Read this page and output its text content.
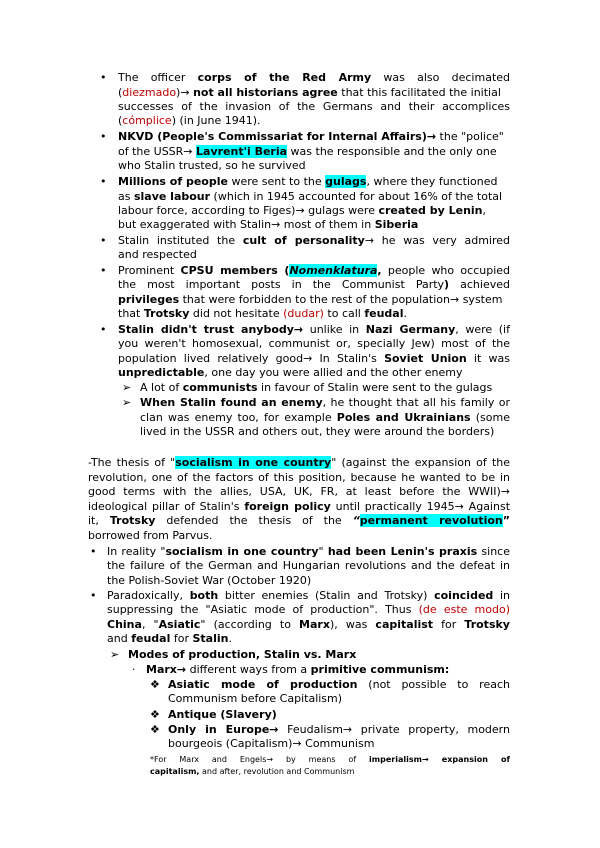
• The officer corps of the Red Army was also decimated
(diezmado)→ not all historians agree that this facilitated the initial
successes of the invasion of the Germans and their accomplices
(cómplice) (in June 1941).
• NKVD (People's Commissariat for Internal Affairs)→ the "police"
of the USSR→ Lavrent'i Beria was the responsible and the only one
who Stalin trusted, so he survived
• Millions of people were sent to the gulags, where they functioned
as slave labour (which in 1945 accounted for about 16% of the total
labour force, according to Figes)→ gulags were created by Lenin,
but exaggerated with Stalin→ most of them in Siberia
• Stalin instituted the cult of personality→ he was very admired
and respected
• Prominent CPSU members (Nomenklatura, people who occupied
the most important posts in the Communist Party) achieved
privileges that were forbidden to the rest of the population→ system
that Trotsky did not hesitate (dudar) to call feudal.
• Stalin didn't trust anybody→ unlike in Nazi Germany, were (if
you weren't homosexual, communist or, specially Jew) most of the
population lived relatively good→ In Stalin's Soviet Union it was
unpredictable, one day you were allied and the other enemy
➢ A lot of communists in favour of Stalin were sent to the gulags
➢ When Stalin found an enemy, he thought that all his family or
clan was enemy too, for example Poles and Ukrainians (some
lived in the USSR and others out, they were around the borders)
-The thesis of "socialism in one country" (against the expansion of the
revolution, one of the factors of this position, because he wanted to be in
good terms with the allies, USA, UK, FR, at least before the WWII)→
ideological pillar of Stalin's foreign policy until practically 1945→ Against
it, Trotsky defended the thesis of the “permanent revolution”
borrowed from Parvus.
• In reality "socialism in one country" had been Lenin's praxis since
the failure of the German and Hungarian revolutions and the defeat in
the Polish-Soviet War (October 1920)
• Paradoxically, both bitter enemies (Stalin and Trotsky) coincided in
suppressing the "Asiatic mode of production". Thus (de este modo)
China, "Asiatic" (according to Marx), was capitalist for Trotsky
and feudal for Stalin.
➢ Modes of production, Stalin vs. Marx
· Marx→ different ways from a primitive communism:
❖ Asiatic mode of production (not possible to reach
Communism before Capitalism)
❖ Antique (Slavery)
❖ Only in Europe→ Feudalism→ private property, modern
bourgeois (Capitalism)→ Communism
*For Marx and Engels→ by means of imperialism→ expansion of
capitalism, and after, revolution and Communism
